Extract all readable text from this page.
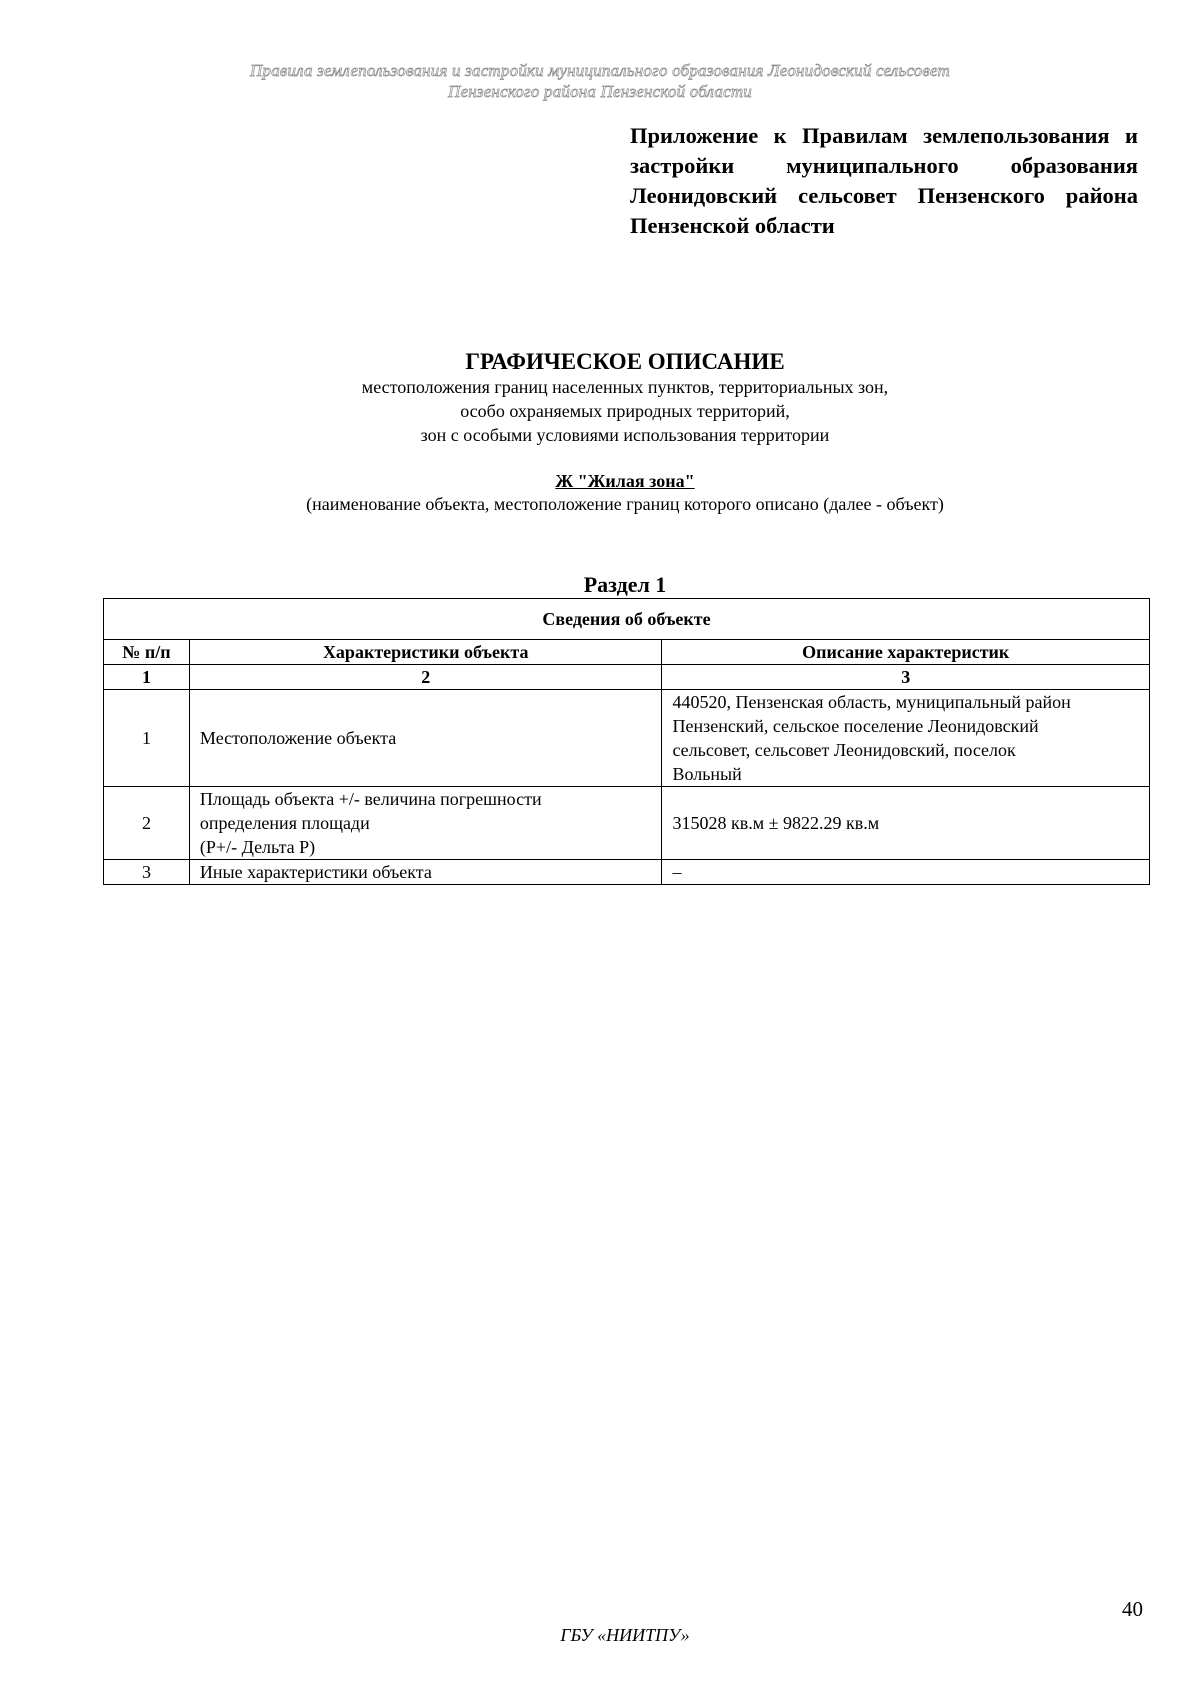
Правила землепользования и застройки муниципального образования Леонидовский сельсовет
Пензенского района Пензенской области
Приложение к Правилам землепользования и
застройки муниципального образования
Леонидовский сельсовет Пензенского района
Пензенской области
ГРАФИЧЕСКОЕ ОПИСАНИЕ
местоположения границ населенных пунктов, территориальных зон,
особо охраняемых природных территорий,
зон с особыми условиями использования территории
Ж "Жилая зона"
(наименование объекта, местоположение границ которого описано (далее - объект)
Раздел 1
Сведения об объекте		
№ п/п	Характеристики объекта	Описание характеристик
1	2	3
1	Местоположение объекта	440520, Пензенская область, муниципальный район
Пензенский, сельское поселение Леонидовский
сельсовет, сельсовет Леонидовский, поселок
Вольный

2	Площадь объекта +/- величина погрешности
определения площади
(P+/- Дельта P)	315028 кв.м ± 9822.29 кв.м

3	Иные характеристики объекта	–
40
ГБУ «НИИТПУ»
